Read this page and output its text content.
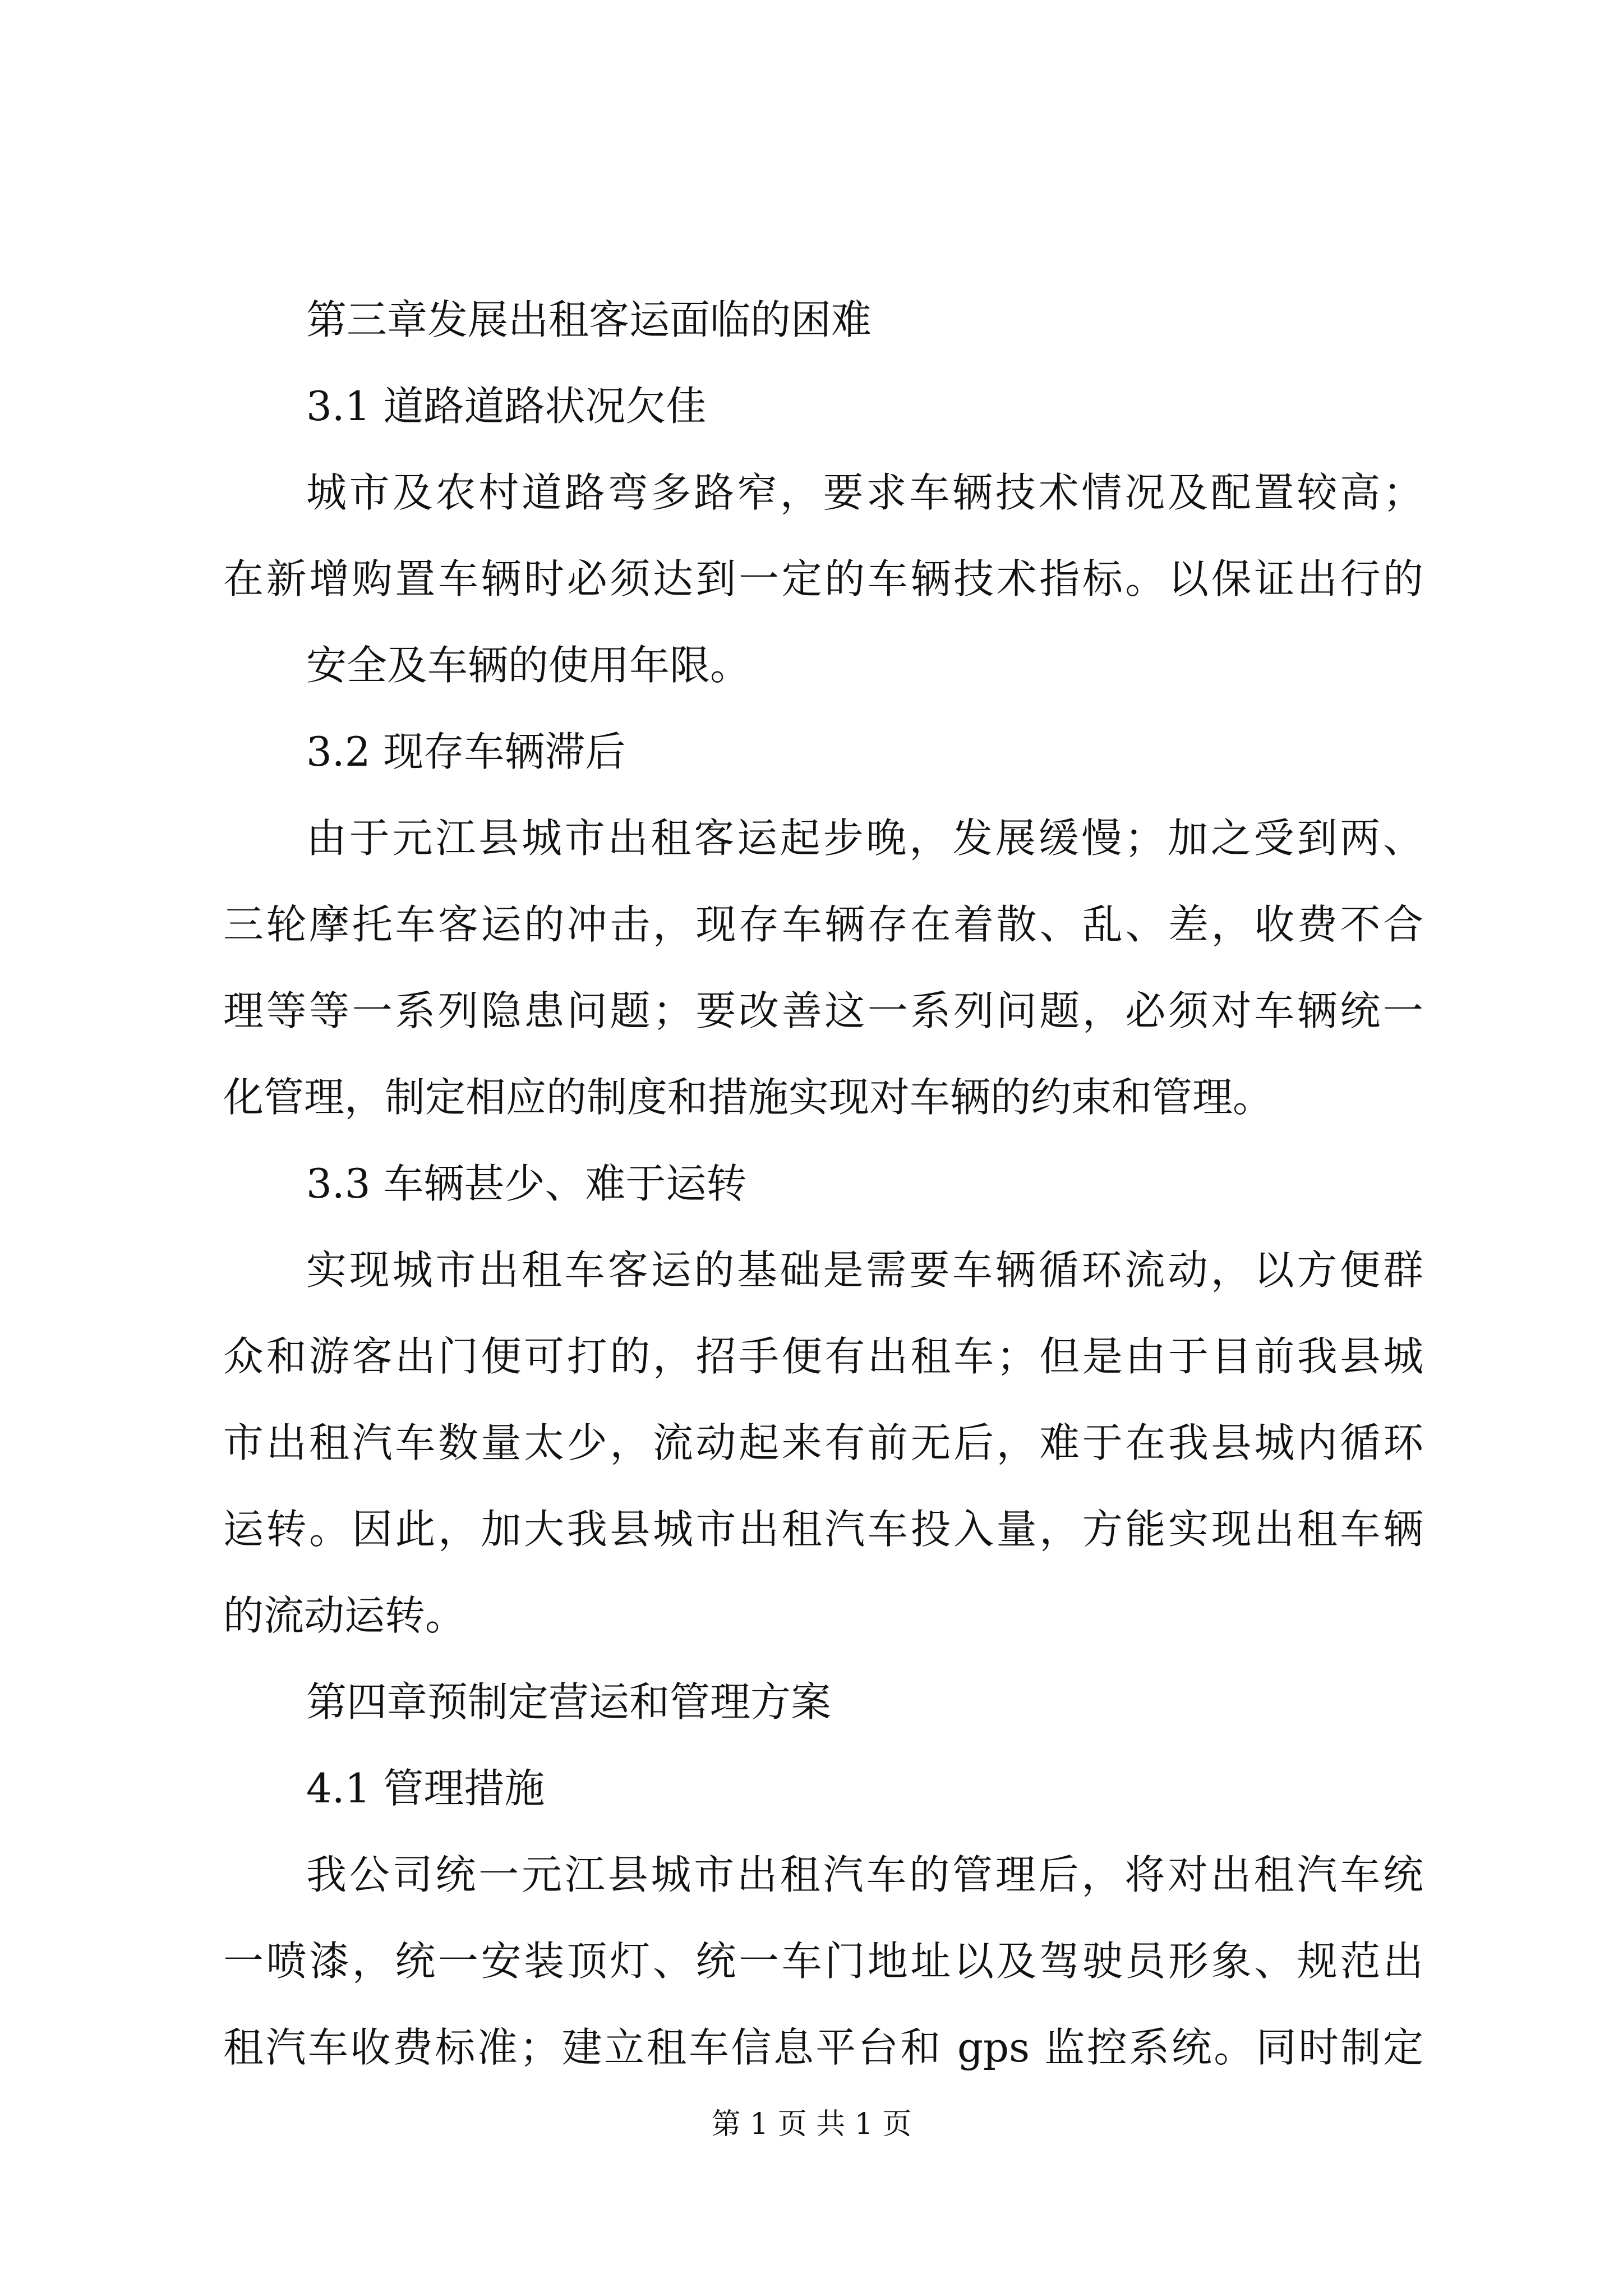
第三章发展出租客运面临的困难
3.1 道路道路状况欠佳
城市及农村道路弯多路窄，要求车辆技术情况及配置较高；
在新增购置车辆时必须达到一定的车辆技术指标。以保证出行的
安全及车辆的使用年限。
3.2 现存车辆滞后
由于元江县城市出租客运起步晚，发展缓慢；加之受到两、
三轮摩托车客运的冲击，现存车辆存在着散、乱、差，收费不合
理等等一系列隐患问题；要改善这一系列问题，必须对车辆统一
化管理，制定相应的制度和措施实现对车辆的约束和管理。
3.3 车辆甚少、难于运转
实现城市出租车客运的基础是需要车辆循环流动，以方便群
众和游客出门便可打的，招手便有出租车；但是由于目前我县城
市出租汽车数量太少，流动起来有前无后，难于在我县城内循环
运转。因此，加大我县城市出租汽车投入量，方能实现出租车辆
的流动运转。
第四章预制定营运和管理方案
4.1 管理措施
我公司统一元江县城市出租汽车的管理后，将对出租汽车统
一喷漆，统一安装顶灯、统一车门地址以及驾驶员形象、规范出
租汽车收费标准；建立租车信息平台和 gps 监控系统。同时制定
第 1 页 共 1 页
